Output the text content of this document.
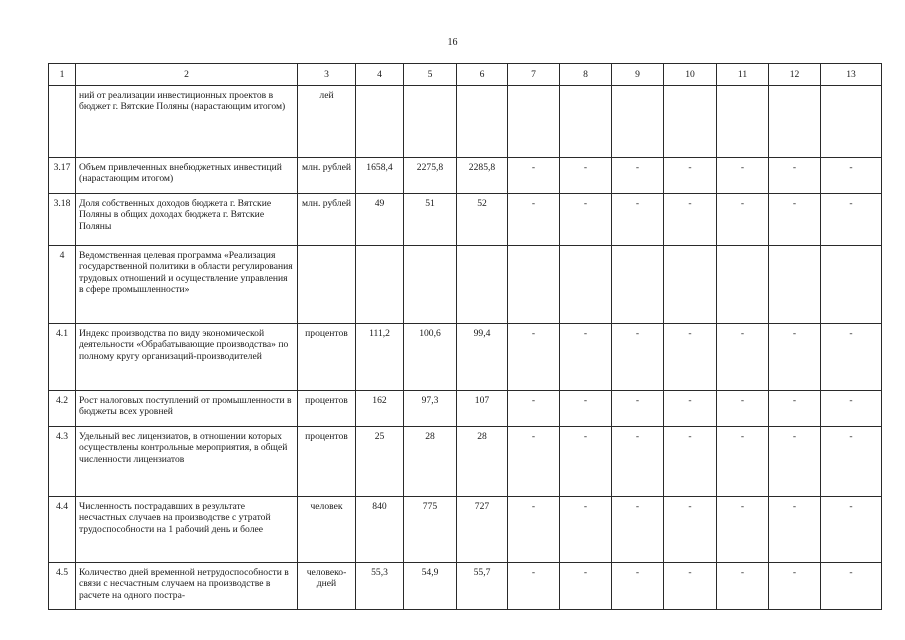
16
1	2	3	4	5	6	7	8	9	10	11	12	13
	ний от реализации инвестиционных проектов в бюджет г. Вятские Поляны (нарастающим итогом)	лей										
3.17	Объем привлеченных внебюджетных инвестиций (нарастающим итогом)	млн. рублей	1658,4	2275,8	2285,8	-	-	-	-	-	-	-
3.18	Доля собственных доходов бюджета г. Вятские Поляны в общих доходах бюджета г. Вятские Поляны	млн. рублей	49	51	52	-	-	-	-	-	-	-
4	Ведомственная целевая программа «Реализация государственной политики в области регулирования трудовых отношений и осуществление управления в сфере промышленности»											
4.1	Индекс производства по виду экономической деятельности «Обрабатывающие производства» по полному кругу организаций-производителей	процентов	111,2	100,6	99,4	-	-	-	-	-	-	-
4.2	Рост налоговых поступлений от промышленности в бюджеты всех уровней	процентов	162	97,3	107	-	-	-	-	-	-	-
4.3	Удельный вес лицензиатов, в отношении которых осуществлены контрольные мероприятия, в общей численности лицензиатов	процентов	25	28	28	-	-	-	-	-	-	-
4.4	Численность пострадавших в результате несчастных случаев на производстве с утратой трудоспособности на 1 рабочий день и более	человек	840	775	727	-	-	-	-	-	-	-
4.5	Количество дней временной нетрудоспособности в связи с несчастным случаем на производстве в расчете на одного постра-	человеко-дней	55,3	54,9	55,7	-	-	-	-	-	-	-
